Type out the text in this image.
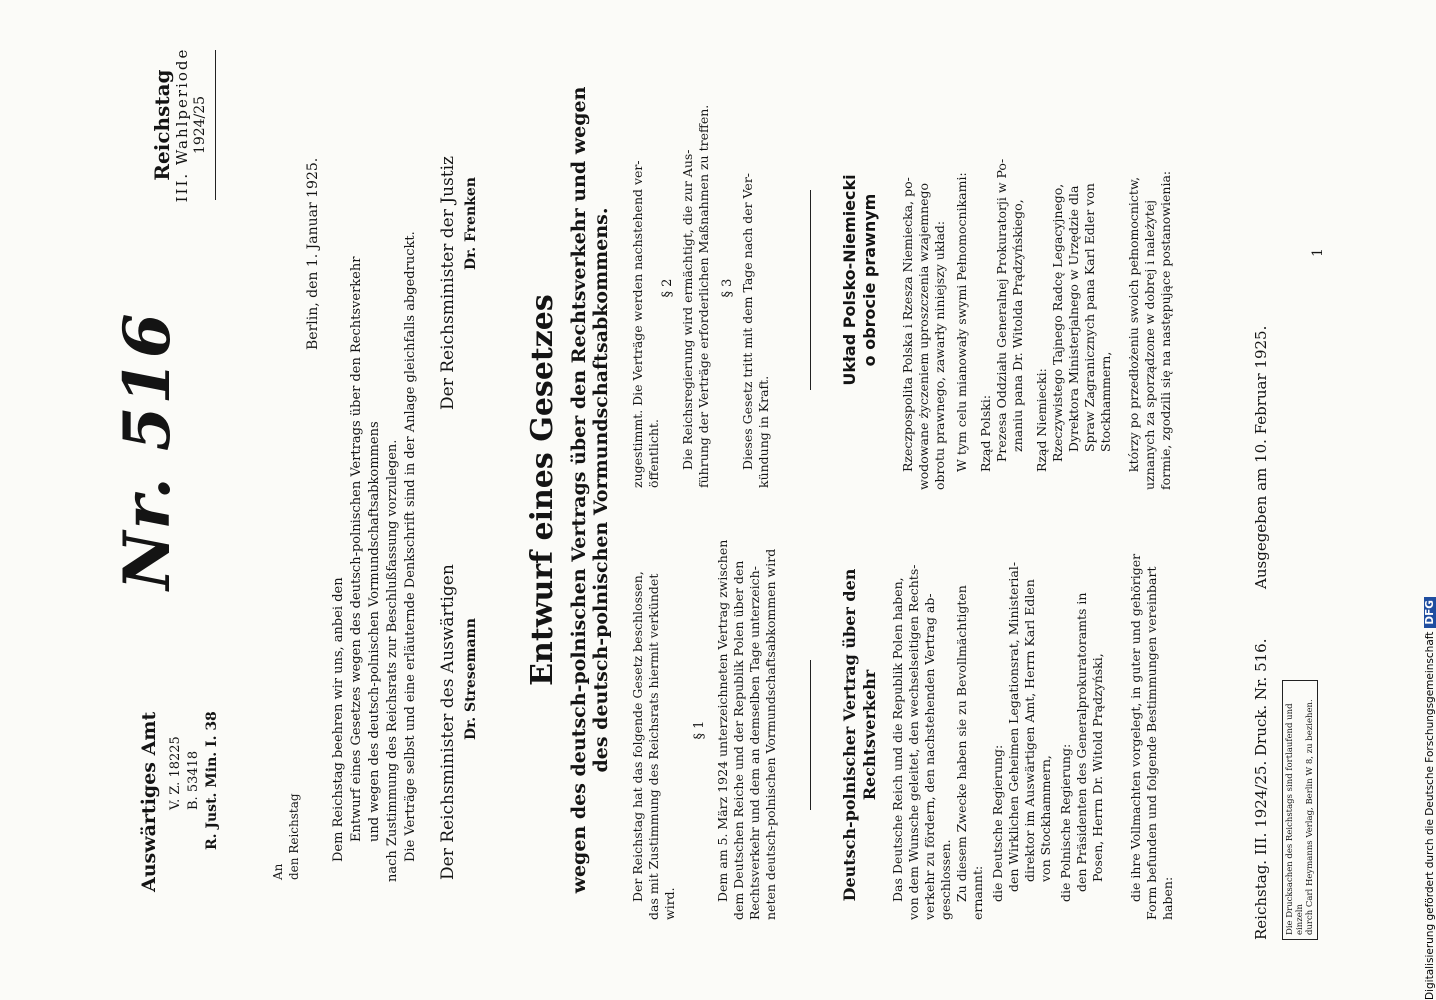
Auswärtiges Amt V. Z. 18225 B. 53418 R. Just. Min. I. 38
An den Reichstag
Nr. 516
Reichstag III. Wahlperiode 1924/25
Dem Reichstag beehren wir uns, anbei den Entwurf eines Gesetzes wegen des deutsch-polnischen Vertrags über den Rechtsverkehr und wegen des deutsch-polnischen Vormundschaftsabkommens nach Zustimmung des Reichsrats zur Beschlußfassung vorzulegen. Die Verträge selbst und eine erläuternde Denkschrift sind in der Anlage gleichfalls abgedruckt.
Berlin, den 1. Januar 1925.
Der Reichsminister des Auswärtigen Dr. Stresemann
Der Reichsminister der Justiz Dr. Frenken
Entwurf eines Gesetzes wegen des deutsch-polnischen Vertrags über den Rechtsverkehr und wegen des deutsch-polnischen Vormundschaftsabkommens. Der Reichstag hat das folgende Gesetz beschlossen, das mit Zustimmung des Reichsrats hiermit verkündet wird.
§ 1 Dem am 5. März 1924 unterzeichneten Vertrag zwischen dem Deutschen Reiche und der Republik Polen über den Rechtsverkehr und dem an demselben Tage unterzeich- neten deutsch-polnischen Vormundschaftsabkommen wird
zugestimmt. Die Verträge werden nachstehend ver- öffentlicht.
§ 2 Die Reichsregierung wird ermächtigt, die zur Aus- führung der Verträge erforderlichen Maßnahmen zu treffen. § 3 Dieses Gesetz tritt mit dem Tage nach der Ver- kündung in Kraft.
Deutsch-polnischer Vertrag über den Rechtsverkehr Das Deutsche Reich und die Republik Polen haben, von dem Wunsche geleitet, den wechselseitigen Rechts- verkehr zu fördern, den nachstehenden Vertrag ab- geschlossen. Zu diesem Zwecke haben sie zu Bevollmächtigten ernannt: die Deutsche Regierung: den Wirklichen Geheimen Legationsrat, Ministerial- direktor im Auswärtigen Amt, Herrn Karl Edlen von Stockhammern, die Polnische Regierung: den Präsidenten des Generalprokuratoramts in Posen, Herrn Dr. Witold Prądzyński, die ihre Vollmachten vorgelegt, in guter und gehöriger Form befunden und folgende Bestimmungen vereinbart haben:
Układ Polsko-Niemiecki o obrocie prawnym Rzeczpospolita Polska i Rzesza Niemiecka, po- wodowane życzeniem uproszczenia wzajemnego obrotu prawnego, zawarły niniejszy układ: W tym celu mianowały swymi Pełnomocnikami: Rząd Polski: Prezesa Oddziału Generalnej Prokuratorji w Po- znaniu pana Dr. Witolda Prądzyńskiego, Rząd Niemiecki: Rzeczywistego Tajnego Radcę Legacyjnego, Dyrektora Ministerjalnego w Urzędzie dla Spraw Zagranicznych pana Karl Edler von Stockhammern, którzy po przedłożeniu swoich pełnomocnictw, uznanych za sporządzone w dobrej i należytej formie, zgodzili się na następujące postanowienia:	1
Reichstag. III. 1924/25. Druck. Nr. 516.  Ausgegeben am 10. Februar 1925.
Die Drucksachen des Reichstags sind fortlaufend und einzeln durch Carl Heymanns Verlag, Berlin W 8, zu beziehen.	Digitalisierung gefördert durch die Deutsche ForschungsgemeinschaftDFG
